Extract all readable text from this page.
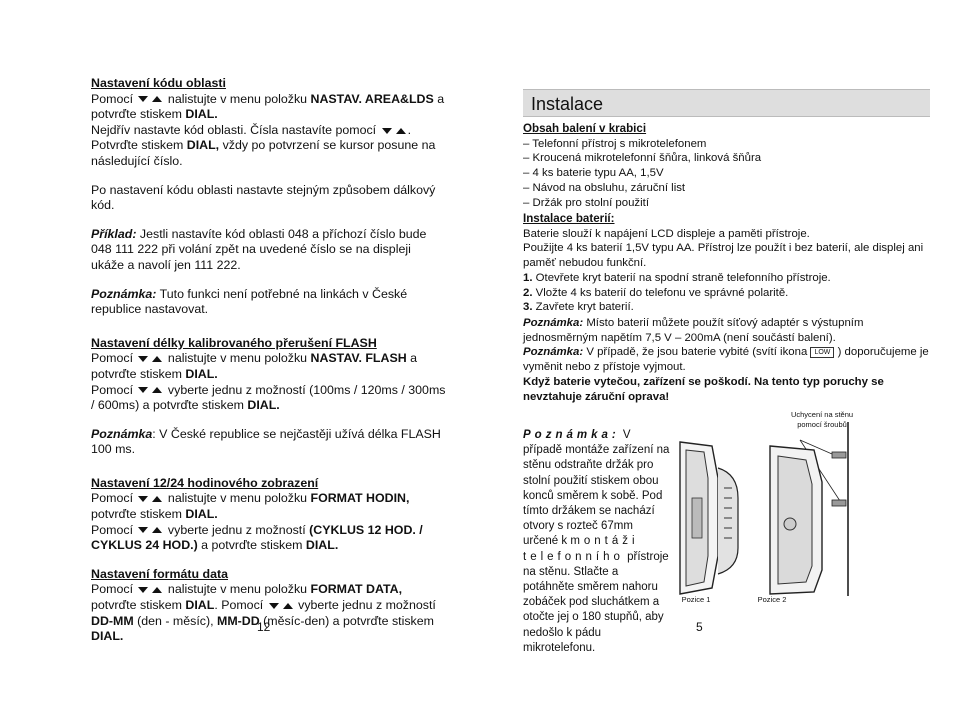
Nastavení kódu oblasti
Pomocí	nalistujte v menu položku NASTAV. AREA&LDS a potvrďte stiskem DIAL.
Nejdřív nastavte kód oblasti. Čísla nastavíte pomocí	. Potvrďte stiskem DIAL, vždy po potvrzení se kursor posune na následující číslo.
Po nastavení kódu oblasti nastavte stejným způsobem dálkový kód.
Příklad: Jestli nastavíte kód oblasti 048 a příchozí číslo bude 048 111 222 při volání zpět na uvedené číslo se na displeji ukáže a navolí jen 111 222.
Poznámka: Tuto funkci není potřebné na linkách v České republice nastavovat.
Nastavení délky kalibrovaného přerušení FLASH
Pomocí	nalistujte v menu položku NASTAV. FLASH a potvrďte stiskem DIAL.
Pomocí	vyberte jednu z možností (100ms / 120ms / 300ms / 600ms) a potvrďte stiskem DIAL.
Poznámka: V České republice se nejčastěji užívá délka FLASH 100 ms.
Nastavení 12/24 hodinového zobrazení
Pomocí	nalistujte v menu položku FORMAT HODIN, potvrďte stiskem DIAL.
Pomocí	vyberte jednu z možností (CYKLUS 12 HOD. / CYKLUS 24 HOD.) a potvrďte stiskem DIAL.
Nastavení formátu data
Pomocí	nalistujte v menu položku FORMAT DATA, potvrďte stiskem DIAL. Pomocí	vyberte jednu z možností DD-MM (den - měsíc), MM-DD (měsíc-den) a potvrďte stiskem DIAL.
12
Instalace
Obsah balení v krabici
– Telefonní přístroj s mikrotelefonem
– Kroucená mikrotelefonní šňůra, linková šňůra
– 4 ks baterie typu AA, 1,5V
– Návod na obsluhu, záruční list
– Držák pro stolní použití
Instalace baterií:
Baterie slouží k napájení LCD displeje a paměti přístroje.
Použijte 4 ks baterií 1,5V typu AA. Přístroj lze použít i bez baterií, ale displej ani paměť nebudou funkční.
1. Otevřete kryt baterií na spodní straně telefonního přístroje.
2. Vložte 4 ks baterií do telefonu ve správné polaritě.
3. Zavřete kryt baterií.
Poznámka: Místo baterií můžete použít síťový adaptér s výstupním jednosměrným napětím 7,5 V – 200mA (není součástí balení).
Poznámka: V případě, že jsou baterie vybité (svítí ikona LOW ) doporučujeme je vyměnit nebo z přístoje vyjmout.
Když baterie vytečou, zařízení se poškodí. Na tento typ poruchy se nevztahuje záruční oprava!
Poznámka: V případě montáže zařízení na stěnu odstraňte držák pro stolní použití stiskem obou konců směrem k sobě. Pod tímto držákem se nachází otvory s rozteč 67mm určené k montáži telefonního přístroje na stěnu. Stlačte a potáhněte směrem nahoru zobáček pod sluchátkem a otočte jej o 180 stupňů, aby nedošlo k pádu mikrotelefonu.
Uchycení na stěnu pomocí šroubů
Pozice 1	Pozice 2
5
